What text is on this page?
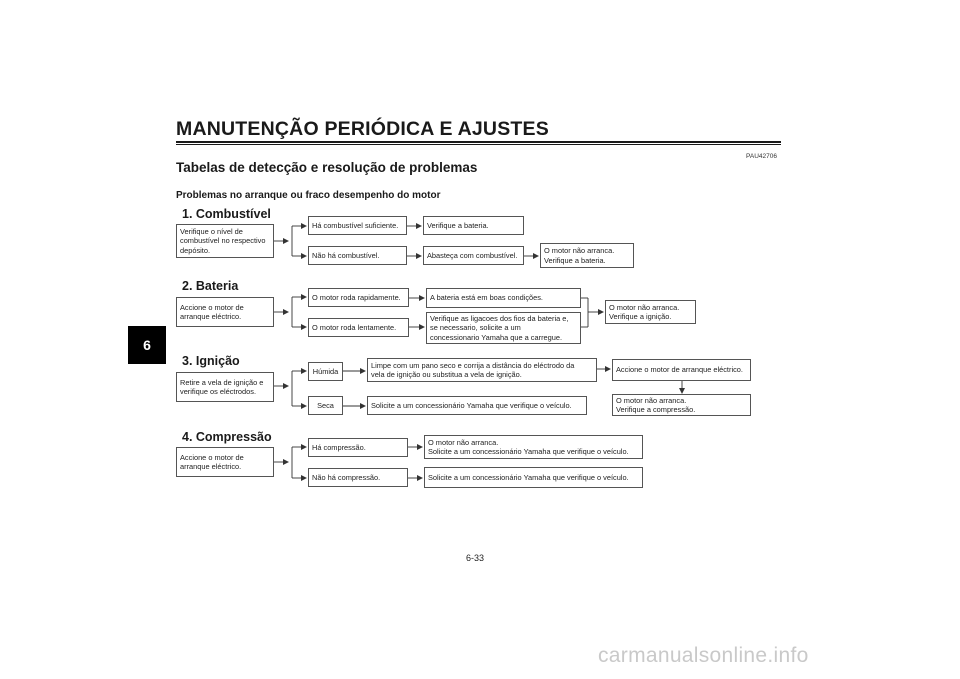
MANUTENÇÃO PERIÓDICA E AJUSTES
PAU42706
Tabelas de detecção e resolução de problemas
Problemas no arranque ou fraco desempenho do motor
6
1. Combustível
Verifique o nível de
combustível no respectivo
depósito.
Há combustível suficiente.	Verifique a bateria.
Não há combustível.	Abasteça com combustível.
O motor não arranca.
Verifique a bateria.
2. Bateria
Accione o motor de
arranque eléctrico.
O motor roda rapidamente.	A bateria está em boas condições.
O motor roda lentamente.
Verifique as ligacoes dos fios da bateria e,
se necessario, solicite a um
concessionario Yamaha que a carregue.
O motor não arranca.
Verifique a ignição.
3. Ignição
Retire a vela de ignição e
verifique os eléctrodos.
Húmida
Limpe com um pano seco e corrija a distância do eléctrodo da
vela de ignição ou substitua a vela de ignição.
Accione o motor de arranque eléctrico.
Seca	Solicite a um concessionário Yamaha que verifique o veículo.
O motor não arranca.
Verifique a compressão.
4. Compressão
Accione o motor de
arranque eléctrico.
Há compressão.
O motor não arranca.
Solicite a um concessionário Yamaha que verifique o veículo.
Não há compressão.	Solicite a um concessionário Yamaha que verifique o veículo.
6-33
carmanualsonline.info
